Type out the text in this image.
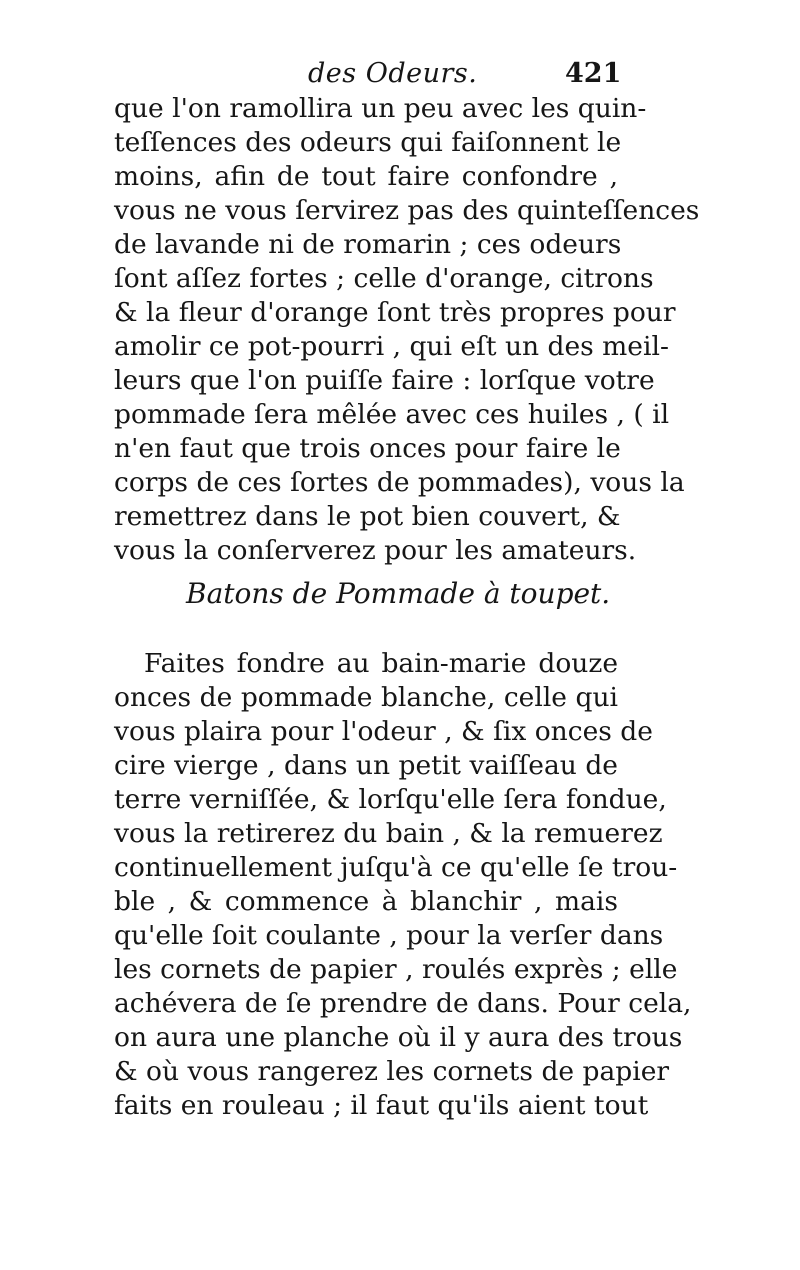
des Odeurs.	421
que l'on ramollira un peu avec les quin-
teſſences des odeurs qui faiſonnent le
moins, afin de tout faire confondre ,
vous ne vous ſervirez pas des quinteſſences
de lavande ni de romarin ; ces odeurs
ſont aſſez fortes ; celle d'orange, citrons
& la fleur d'orange ſont très propres pour
amolir ce pot-pourri , qui eſt un des meil-
leurs que l'on puiſſe faire : lorſque votre
pommade ſera mêlée avec ces huiles , ( il
n'en faut que trois onces pour faire le
corps de ces ſortes de pommades), vous la
remettrez dans le pot bien couvert, &
vous la conſerverez pour les amateurs.
Batons de Pommade à toupet.
Faites fondre au bain-marie douze
onces de pommade blanche, celle qui
vous plaira pour l'odeur , & ſix onces de
cire vierge , dans un petit vaiſſeau de
terre verniſſée, & lorſqu'elle ſera fondue,
vous la retirerez du bain , & la remuerez
continuellement juſqu'à ce qu'elle ſe trou-
ble , & commence à blanchir , mais
qu'elle ſoit coulante , pour la verſer dans
les cornets de papier , roulés exprès ; elle
achévera de ſe prendre de dans. Pour cela,
on aura une planche où il y aura des trous
& où vous rangerez les cornets de papier
faits en rouleau ; il faut qu'ils aient tout
